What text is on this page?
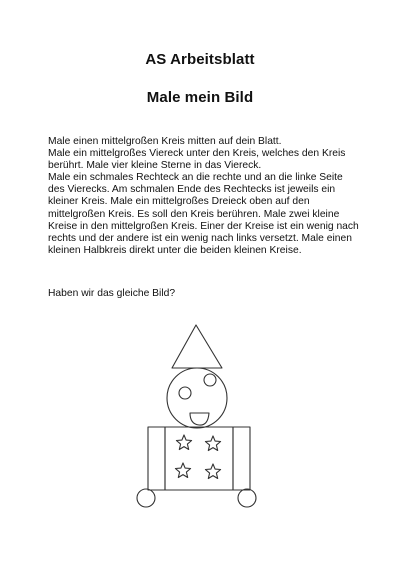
AS Arbeitsblatt
Male mein Bild

Male einen mittelgroßen Kreis mitten auf dein Blatt.

Male ein mittelgroßes Viereck unter den Kreis, welches den Kreis berührt. Male vier kleine Sterne in das Viereck.

Male ein schmales Rechteck an die rechte und an die linke Seite des Vierecks. Am schmalen Ende des Rechtecks ist jeweils ein kleiner Kreis. Male ein mittelgroßes Dreieck oben auf den mittelgroßen Kreis. Es soll den Kreis berühren. Male zwei kleine Kreise in den mittelgroßen Kreis. Einer der Kreise ist ein wenig nach rechts und der andere ist ein wenig nach links versetzt. Male einen kleinen Halbkreis direkt unter die beiden kleinen Kreise.

Haben wir das gleiche Bild?
